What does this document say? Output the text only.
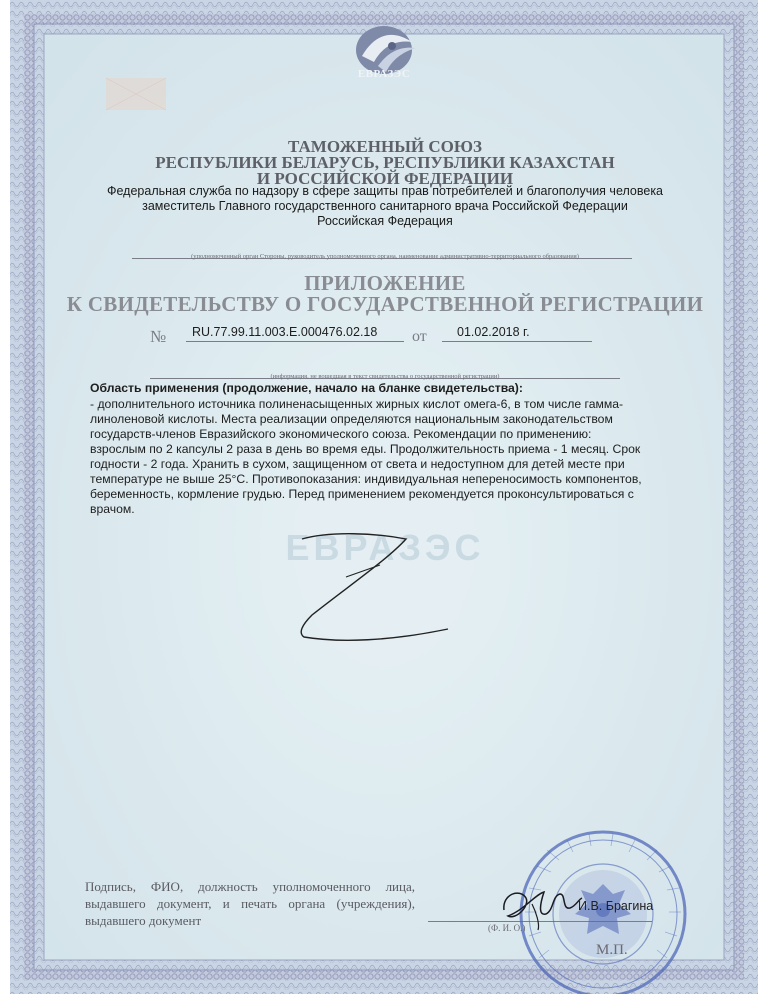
ЕВРАЗЭС
ЕВРАЗЭС
ТАМОЖЕННЫЙ СОЮЗ
РЕСПУБЛИКИ БЕЛАРУСЬ, РЕСПУБЛИКИ КАЗАХСТАН
И РОССИЙСКОЙ ФЕДЕРАЦИИ
Федеральная служба по надзору в сфере защиты прав потребителей и благополучия человека
заместитель Главного государственного санитарного врача Российской Федерации
Российская Федерация
(уполномоченный орган Стороны, руководитель уполномоченного органа, наименование административно-территориального образования)
ПРИЛОЖЕНИЕ
К СВИДЕТЕЛЬСТВУ О ГОСУДАРСТВЕННОЙ РЕГИСТРАЦИИ
№ RU.77.99.11.003.E.000476.02.18 от 01.02.2018 г.
(информация, не вошедшая в текст свидетельства о государственной регистрации)
Область применения (продолжение, начало на бланке свидетельства):
- дополнительного источника полиненасыщенных жирных кислот омега-6, в том числе гамма-
линоленовой кислоты. Места реализации определяются национальным законодательством
государств-членов Евразийского экономического союза. Рекомендации по применению:
взрослым по 2 капсулы 2 раза в день во время еды. Продолжительность приема - 1 месяц. Срок
годности - 2 года. Хранить в сухом, защищенном от света и недоступном для детей месте при
температуре не выше 25°С. Противопоказания: индивидуальная непереносимость компонентов,
беременность, кормление грудью. Перед применением рекомендуется проконсультироваться с
врачом.
Подпись, ФИО, должность уполномоченного лица, выдавшего документ, и печать органа (учреждения), выдавшего документ	(Ф. И. О.)
И.В. Брагина
М.П.
